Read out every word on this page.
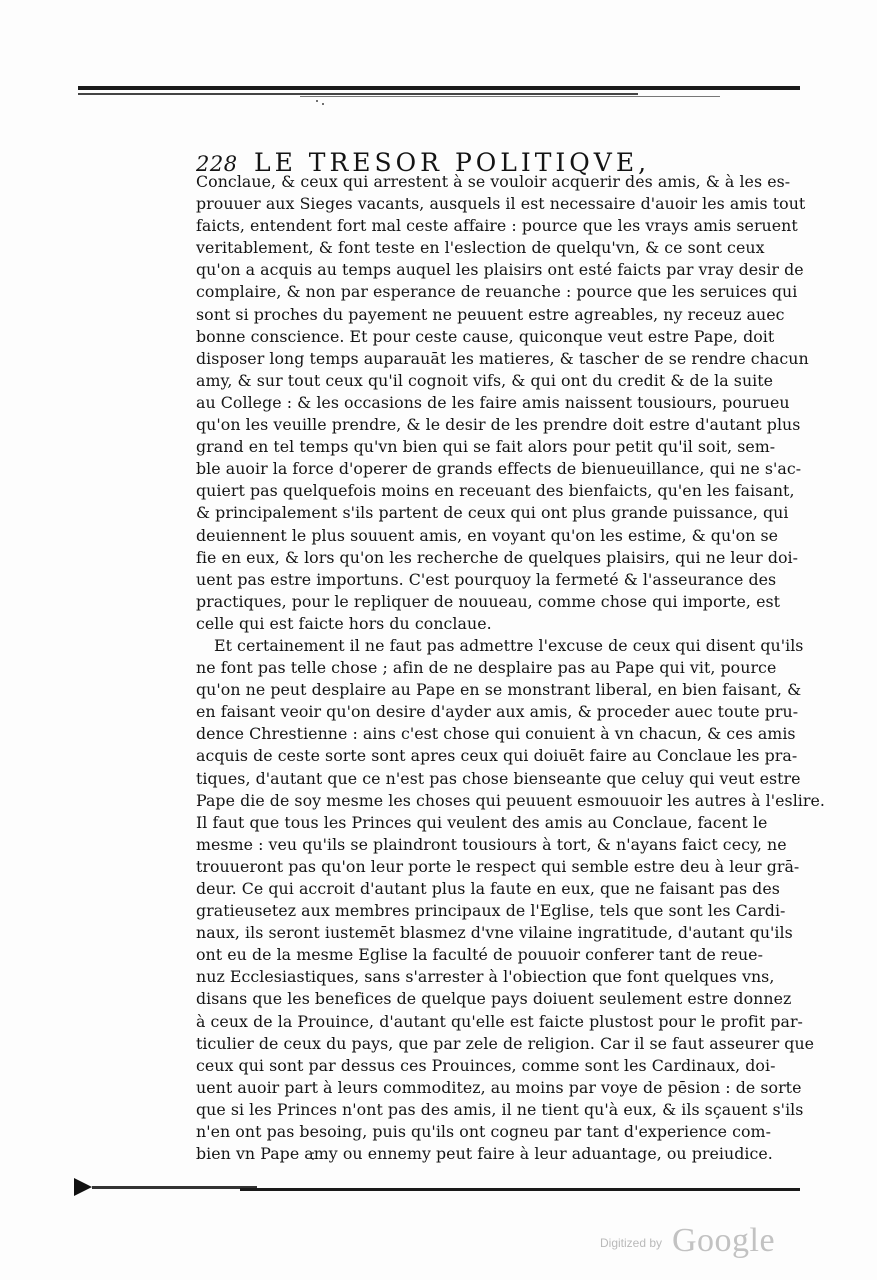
228 LE TRESOR POLITIQVE,
Conclaue, & ceux qui arrestent à se vouloir acquerir des amis, & à les es-
prouuer aux Sieges vacants, ausquels il est necessaire d'auoir les amis tout
faicts, entendent fort mal ceste affaire : pource que les vrays amis seruent
veritablement, & font teste en l'eslection de quelqu'vn, & ce sont ceux
qu'on a acquis au temps auquel les plaisirs ont esté faicts par vray desir de
complaire, & non par esperance de reuanche : pource que les seruices qui
sont si proches du payement ne peuuent estre agreables, ny receuz auec
bonne conscience. Et pour ceste cause, quiconque veut estre Pape, doit
disposer long temps auparauāt les matieres, & tascher de se rendre chacun
amy, & sur tout ceux qu'il cognoit vifs, & qui ont du credit & de la suite
au College : & les occasions de les faire amis naissent tousiours, pourueu
qu'on les veuille prendre, & le desir de les prendre doit estre d'autant plus
grand en tel temps qu'vn bien qui se fait alors pour petit qu'il soit, sem-
ble auoir la force d'operer de grands effects de bienueuillance, qui ne s'ac-
quiert pas quelquefois moins en receuant des bienfaicts, qu'en les faisant,
& principalement s'ils partent de ceux qui ont plus grande puissance, qui
deuiennent le plus souuent amis, en voyant qu'on les estime, & qu'on se
fie en eux, & lors qu'on les recherche de quelques plaisirs, qui ne leur doi-
uent pas estre importuns. C'est pourquoy la fermeté & l'asseurance des
practiques, pour le repliquer de nouueau, comme chose qui importe, est
celle qui est faicte hors du conclaue.
Et certainement il ne faut pas admettre l'excuse de ceux qui disent qu'ils
ne font pas telle chose ; afin de ne desplaire pas au Pape qui vit, pource
qu'on ne peut desplaire au Pape en se monstrant liberal, en bien faisant, &
en faisant veoir qu'on desire d'ayder aux amis, & proceder auec toute pru-
dence Chrestienne : ains c'est chose qui conuient à vn chacun, & ces amis
acquis de ceste sorte sont apres ceux qui doiuēt faire au Conclaue les pra-
tiques, d'autant que ce n'est pas chose bienseante que celuy qui veut estre
Pape die de soy mesme les choses qui peuuent esmouuoir les autres à l'eslire.
Il faut que tous les Princes qui veulent des amis au Conclaue, facent le
mesme : veu qu'ils se plaindront tousiours à tort, & n'ayans faict cecy, ne
trouueront pas qu'on leur porte le respect qui semble estre deu à leur grā-
deur. Ce qui accroit d'autant plus la faute en eux, que ne faisant pas des
gratieusetez aux membres principaux de l'Eglise, tels que sont les Cardi-
naux, ils seront iustemēt blasmez d'vne vilaine ingratitude, d'autant qu'ils
ont eu de la mesme Eglise la faculté de pouuoir conferer tant de reue-
nuz Ecclesiastiques, sans s'arrester à l'obiection que font quelques vns,
disans que les benefices de quelque pays doiuent seulement estre donnez
à ceux de la Prouince, d'autant qu'elle est faicte plustost pour le profit par-
ticulier de ceux du pays, que par zele de religion. Car il se faut asseurer que
ceux qui sont par dessus ces Prouinces, comme sont les Cardinaux, doi-
uent auoir part à leurs commoditez, au moins par voye de pēsion : de sorte
que si les Princes n'ont pas des amis, il ne tient qu'à eux, & ils sçauent s'ils
n'en ont pas besoing, puis qu'ils ont cogneu par tant d'experience com-
bien vn Pape amy ou ennemy peut faire à leur aduantage, ou preiudice.
Digitized by Google
